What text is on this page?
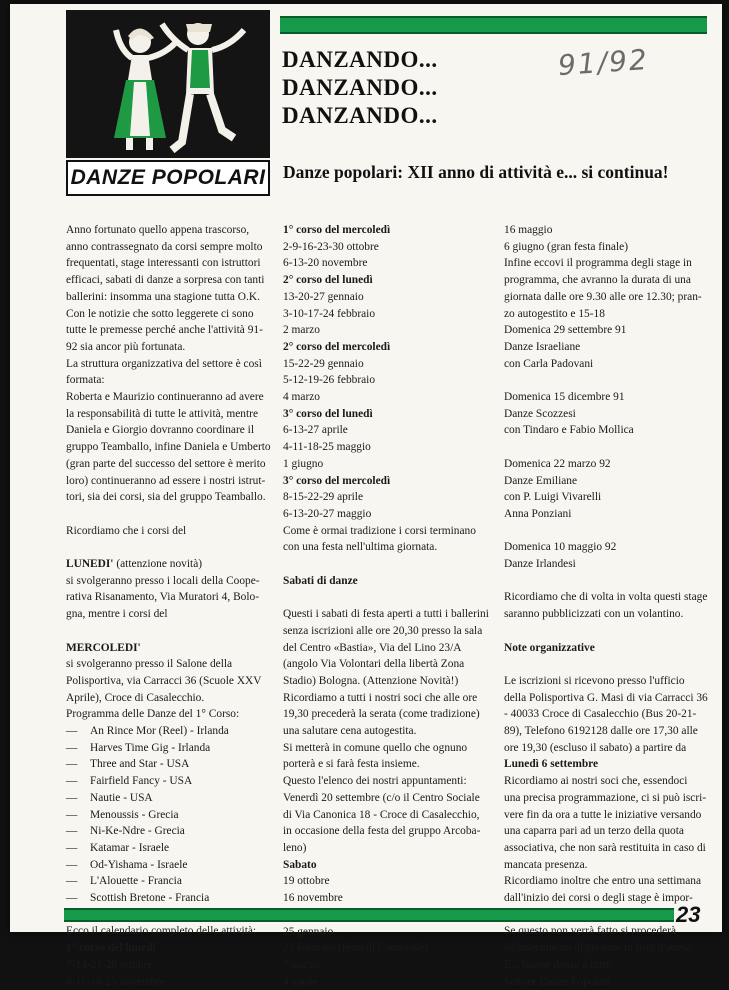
DANZE POPOLARI
DANZANDO...
DANZANDO...
DANZANDO...
91/92
Danze popolari: XII anno di attività e... si continua!
Anno fortunato quello appena trascorso,
anno contrassegnato da corsi sempre molto
frequentati, stage interessanti con istruttori
efficaci, sabati di danze a sorpresa con tanti
ballerini: insomma una stagione tutta O.K.
Con le notizie che sotto leggerete ci sono
tutte le premesse perché anche l'attività 91-
92 sia ancor più fortunata.
La struttura organizzativa del settore è così
formata:
Roberta e Maurizio continueranno ad avere
la responsabilità di tutte le attività, mentre
Daniela e Giorgio dovranno coordinare il
gruppo Teamballo, infine Daniela e Umberto
(gran parte del successo del settore è merito
loro) continueranno ad essere i nostri istrut-
tori, sia dei corsi, sia del gruppo Teamballo.
Ricordiamo che i corsi del
LUNEDI' (attenzione novità)
si svolgeranno presso i locali della Coope-
rativa Risanamento, Via Muratori 4, Bolo-
gna, mentre i corsi del
MERCOLEDI'
si svolgeranno presso il Salone della
Polisportiva, via Carracci 36 (Scuole XXV
Aprile), Croce di Casalecchio.
Programma delle Danze del 1° Corso:
— An Rince Mor (Reel) - Irlanda
— Harves Time Gig - Irlanda
— Three and Star - USA
— Fairfield Fancy - USA
— Nautie - USA
— Menoussis - Grecia
— Ni-Ke-Ndre - Grecia
— Katamar - Israele
— Od-Yishama - Israele
— L'Alouette - Francia
— Scottish Bretone - Francia
Ecco il calendario completo delle attività:
1° corso del lunedì
7-14-21-28 ottobre
4-11-18-25 novembre
1° corso del mercoledì
2-9-16-23-30 ottobre
6-13-20 novembre
2° corso del lunedì
13-20-27 gennaio
3-10-17-24 febbraio
2 marzo
2° corso del mercoledì
15-22-29 gennaio
5-12-19-26 febbraio
4 marzo
3° corso del lunedì
6-13-27 aprile
4-11-18-25 maggio
1 giugno
3° corso del mercoledì
8-15-22-29 aprile
6-13-20-27 maggio
Come è ormai tradizione i corsi terminano
con una festa nell'ultima giornata.
Sabati di danze
Questi i sabati di festa aperti a tutti i ballerini
senza iscrizioni alle ore 20,30 presso la sala
del Centro «Bastia», Via del Lino 23/A
(angolo Via Volontari della libertà Zona
Stadio) Bologna. (Attenzione Novità!)
Ricordiamo a tutti i nostri soci che alle ore
19,30 precederà la serata (come tradizione)
una salutare cena autogestita.
Si metterà in comune quello che ognuno
porterà e si farà festa insieme.
Questo l'elenco dei nostri appuntamenti:
Venerdì 20 settembre (c/o il Centro Sociale
di Via Canonica 18 - Croce di Casalecchio,
in occasione della festa del gruppo Arcoba-
leno)
Sabato
19 ottobre
16 novembre
25 gennaio
22 febbraio (festa di Carnevale)
7 marzo
4 aprile
16 maggio
6 giugno (gran festa finale)
Infine eccovi il programma degli stage in
programma, che avranno la durata di una
giornata dalle ore 9.30 alle ore 12.30; pran-
zo autogestito e 15-18
Domenica 29 settembre 91
Danze Israeliane
con Carla Padovani
Domenica 15 dicembre 91
Danze Scozzesi
con Tindaro e Fabio Mollica
Domenica 22 marzo 92
Danze Emiliane
con P. Luigi Vivarelli
Anna Ponziani
Domenica 10 maggio 92
Danze Irlandesi
Ricordiamo che di volta in volta questi stage
saranno pubblicizzati con un volantino.
Note organizzative
Le iscrizioni si ricevono presso l'ufficio
della Polisportiva G. Masi di via Carracci 36
- 40033 Croce di Casalecchio (Bus 20-21-
89), Telefono 6192128 dalle ore 17,30 alle
ore 19,30 (escluso il sabato) a partire da
Lunedì 6 settembre
Ricordiamo ai nostri soci che, essendoci
una precisa programmazione, ci si può iscri-
vere fin da ora a tutte le iniziative versando
una caparra pari ad un terzo della quota
associativa, che non sarà restituita in caso di
mancata presenza.
Ricordiamo inoltre che entro una settimana
dall'inizio dei corsi o degli stage è impor-
Se questo non verrà fatto si procederà
all'inserimento di persone in lista d'attesa.
E... buone danze a tutte.
Settore Danze Popolari.
23
